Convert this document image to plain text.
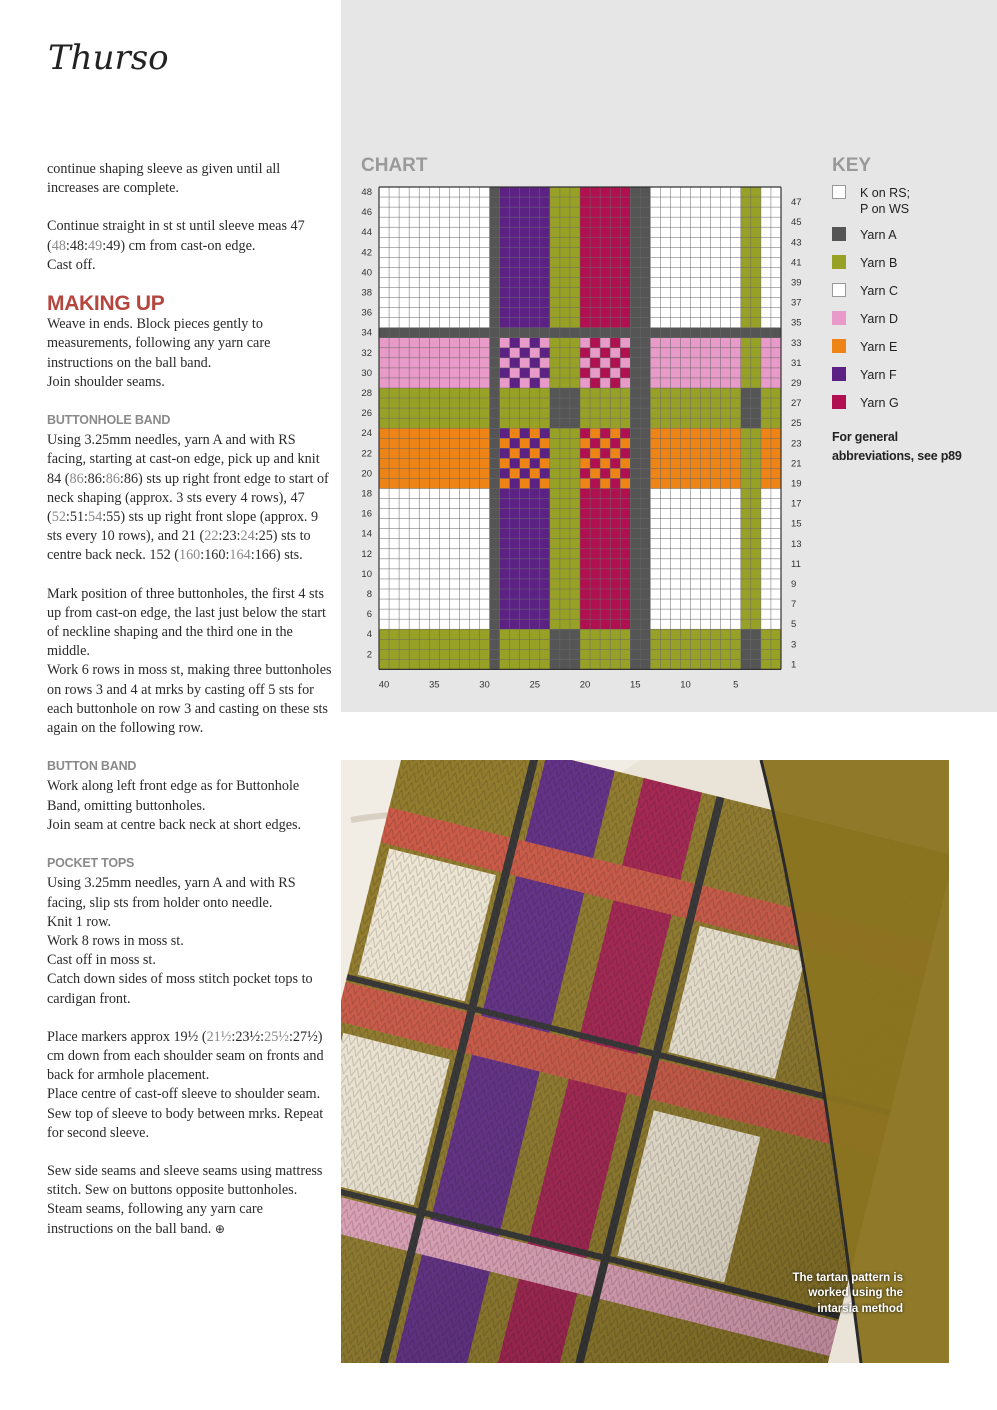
Thurso

continue shaping sleeve as given until all increases are complete.

Continue straight in st st until sleeve meas 47 (48:48:49:49) cm from cast-on edge.
Cast off.

MAKING UP

Weave in ends. Block pieces gently to measurements, following any yarn care instructions on the ball band.

Join shoulder seams.

BUTTONHOLE BAND

Using 3.25mm needles, yarn A and with RS facing, starting at cast-on edge, pick up and knit 84 (86:86:86:86) sts up right front edge to start of neck shaping (approx. 3 sts every 4 rows), 47 (52:51:54:55) sts up right front slope (approx. 9 sts every 10 rows), and 21 (22:23:24:25) sts to centre back neck. 152 (160:160:164:166) sts.

Mark position of three buttonholes, the first 4 sts up from cast-on edge, the last just below the start of neckline shaping and the third one in the middle.

Work 6 rows in moss st, making three buttonholes on rows 3 and 4 at mrks by casting off 5 sts for each buttonhole on row 3 and casting on these sts again on the following row.

BUTTON BAND

Work along left front edge as for Buttonhole Band, omitting buttonholes.

Join seam at centre back neck at short edges.

POCKET TOPS

Using 3.25mm needles, yarn A and with RS facing, slip sts from holder onto needle.

Knit 1 row.

Work 8 rows in moss st.

Cast off in moss st.

Catch down sides of moss stitch pocket tops to cardigan front.

Place markers approx 19½ (21½:23½:25½:27½) cm down from each shoulder seam on fronts and back for armhole placement.

Place centre of cast-off sleeve to shoulder seam. Sew top of sleeve to body between mrks. Repeat for second sleeve.

Sew side seams and sleeve seams using mattress stitch. Sew on buttons opposite buttonholes. Steam seams, following any yarn care instructions on the ball band. ⊕

CHART	KEY
48
46
44
42
40
38
36
34
32
30
28
26
24
22
20
18
16
14
12
10
8
6
4
2
47
45
43
41
39
37
35
33
31
29
27
25
23
21
19
17
15
13
11
9
7
5
3
1
40	35	30	25	20	15	10	5
K on RS;
P on WS
Yarn A
Yarn B
Yarn C
Yarn D
Yarn E
Yarn F
Yarn G
For general abbreviations, see p89
The tartan pattern is
worked using the
intarsia method
